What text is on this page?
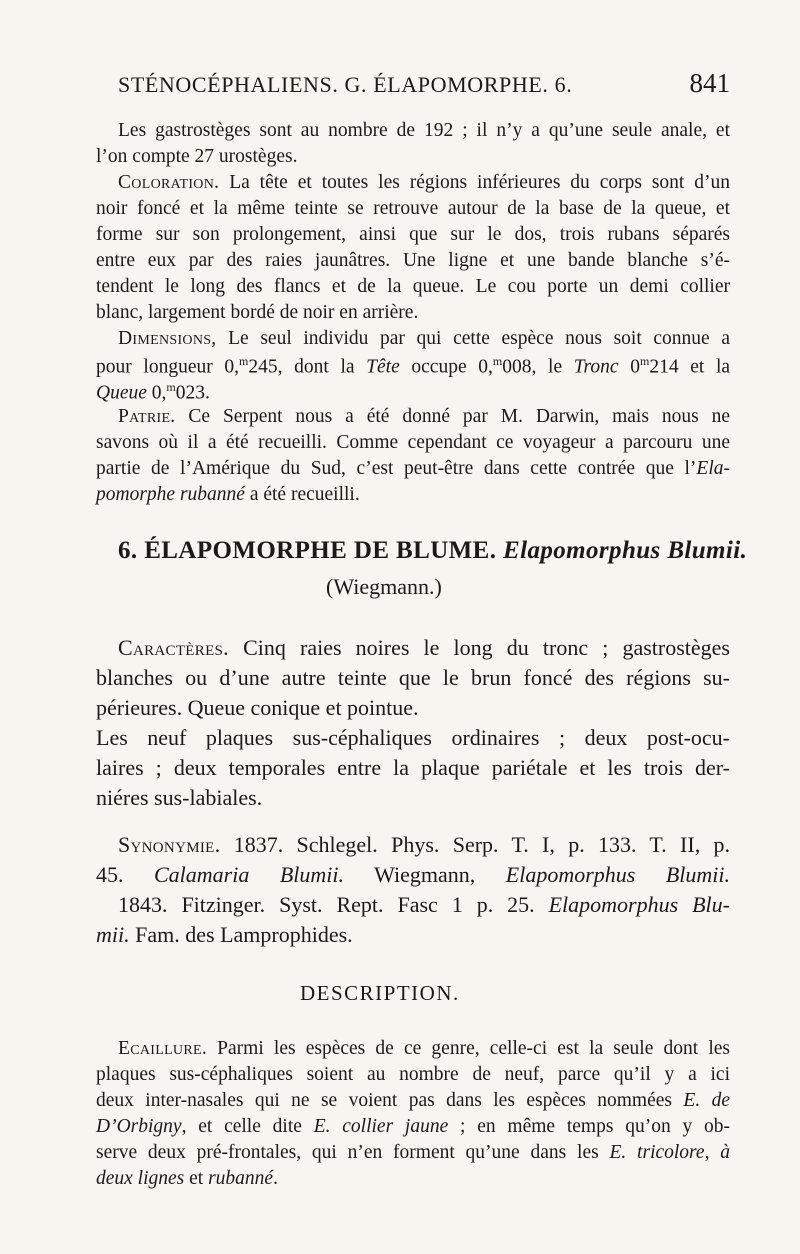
STÉNOCÉPHALIENS. G. ÉLAPOMORPHE. 6.	841
Les gastrostèges sont au nombre de 192 ; il n’y a qu’une seule anale, et
l’on compte 27 urostèges.
Coloration. La tête et toutes les régions inférieures du corps sont d’un
noir foncé et la même teinte se retrouve autour de la base de la queue, et
forme sur son prolongement, ainsi que sur le dos, trois rubans séparés
entre eux par des raies jaunâtres. Une ligne et une bande blanche s’é-
tendent le long des flancs et de la queue. Le cou porte un demi collier
blanc, largement bordé de noir en arrière.
Dimensions, Le seul individu par qui cette espèce nous soit connue a
pour longueur 0,$^m$245, dont la Tête occupe 0,$^m$008, le Tronc 0$^m$214 et la
Queue 0,$^m$023.
Patrie. Ce Serpent nous a été donné par M. Darwin, mais nous ne
savons où il a été recueilli. Comme cependant ce voyageur a parcouru une
partie de l’Amérique du Sud, c’est peut-être dans cette contrée que l’Ela-
pomorphe rubanné a été recueilli.
6. ÉLAPOMORPHE DE BLUME. Elapomorphus Blumii.
(Wiegmann.)
Caractères. Cinq raies noires le long du tronc ; gastrostèges
blanches ou d’une autre teinte que le brun foncé des régions su-
périeures. Queue conique et pointue.
Les neuf plaques sus-céphaliques ordinaires ; deux post-ocu-
laires ; deux temporales entre la plaque pariétale et les trois der-
niéres sus-labiales.
Synonymie. 1837. Schlegel. Phys. Serp. T. I, p. 133. T. II, p.
45. Calamaria Blumii. Wiegmann, Elapomorphus Blumii.
1843. Fitzinger. Syst. Rept. Fasc 1 p. 25. Elapomorphus Blu-
mii. Fam. des Lamprophides.
DESCRIPTION.
Ecaillure. Parmi les espèces de ce genre, celle-ci est la seule dont les
plaques sus-céphaliques soient au nombre de neuf, parce qu’il y a ici
deux inter-nasales qui ne se voient pas dans les espèces nommées E. de
D’Orbigny, et celle dite E. collier jaune ; en même temps qu’on y ob-
serve deux pré-frontales, qui n’en forment qu’une dans les E. tricolore, à
deux lignes et rubanné.
